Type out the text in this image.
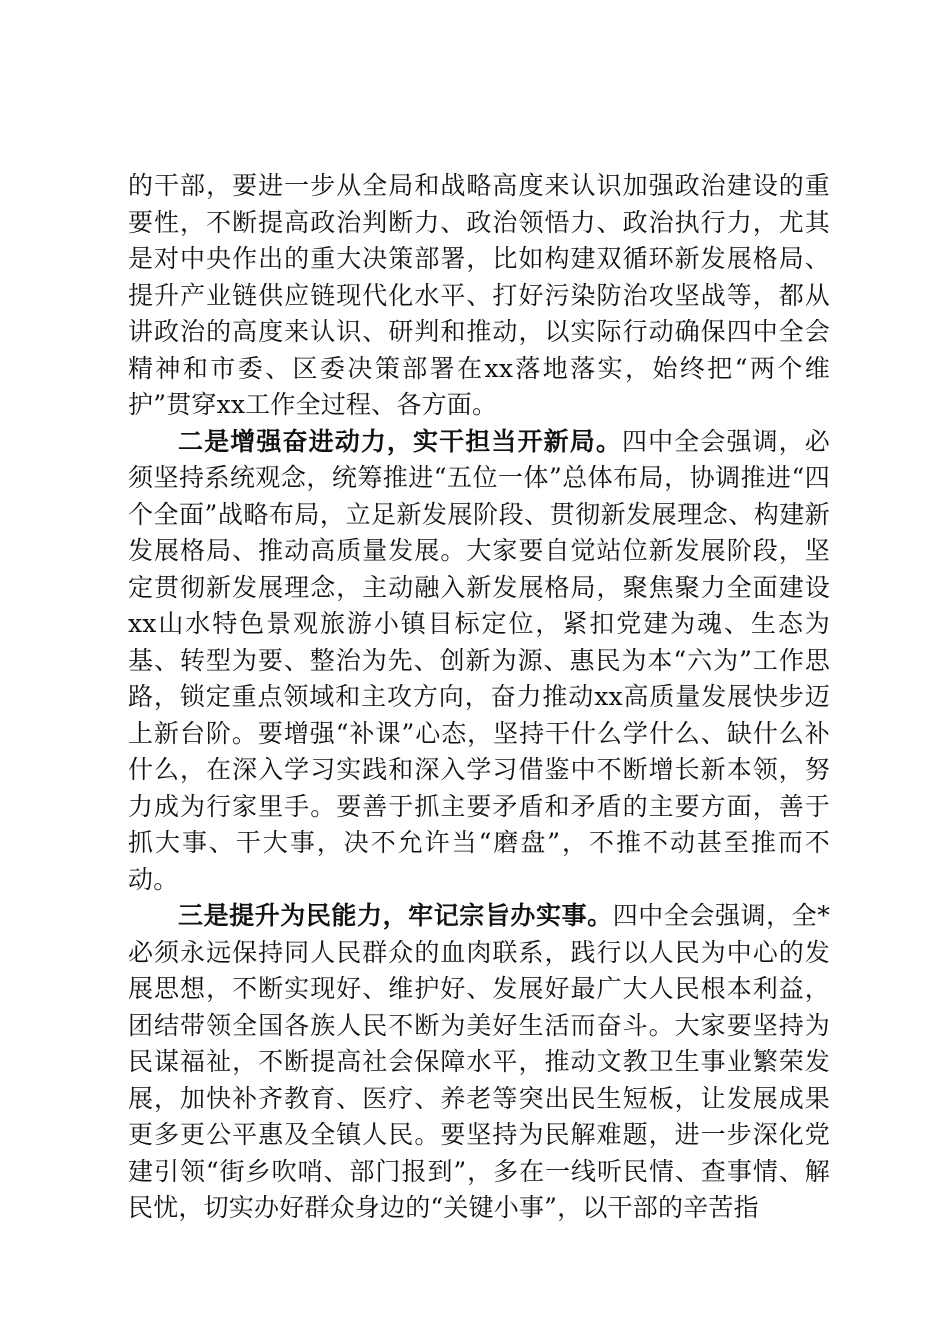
的干部，要进一步从全局和战略高度来认识加强政治建设的重要性，不断提高政治判断力、政治领悟力、政治执行力，尤其是对中央作出的重大决策部署，比如构建双循环新发展格局、提升产业链供应链现代化水平、打好污染防治攻坚战等，都从讲政治的高度来认识、研判和推动，以实际行动确保四中全会精神和市委、区委决策部署在xx落地落实，始终把“两个维护”贯穿xx工作全过程、各方面。

二是增强奋进动力，实干担当开新局。四中全会强调，必须坚持系统观念，统筹推进“五位一体”总体布局，协调推进“四个全面”战略布局，立足新发展阶段、贯彻新发展理念、构建新发展格局、推动高质量发展。大家要自觉站位新发展阶段，坚定贯彻新发展理念，主动融入新发展格局，聚焦聚力全面建设xx山水特色景观旅游小镇目标定位，紧扣党建为魂、生态为基、转型为要、整治为先、创新为源、惠民为本“六为”工作思路，锁定重点领域和主攻方向，奋力推动xx高质量发展快步迈上新台阶。要增强“补课”心态，坚持干什么学什么、缺什么补什么，在深入学习实践和深入学习借鉴中不断增长新本领，努力成为行家里手。要善于抓主要矛盾和矛盾的主要方面，善于抓大事、干大事，决不允许当“磨盘”，不推不动甚至推而不动。

三是提升为民能力，牢记宗旨办实事。四中全会强调，全*必须永远保持同人民群众的血肉联系，践行以人民为中心的发展思想，不断实现好、维护好、发展好最广大人民根本利益，团结带领全国各族人民不断为美好生活而奋斗。大家要坚持为民谋福祉，不断提高社会保障水平，推动文教卫生事业繁荣发展，加快补齐教育、医疗、养老等突出民生短板，让发展成果更多更公平惠及全镇人民。要坚持为民解难题，进一步深化党建引领“街乡吹哨、部门报到”，多在一线听民情、查事情、解民忧，切实办好群众身边的“关键小事”，以干部的辛苦指
